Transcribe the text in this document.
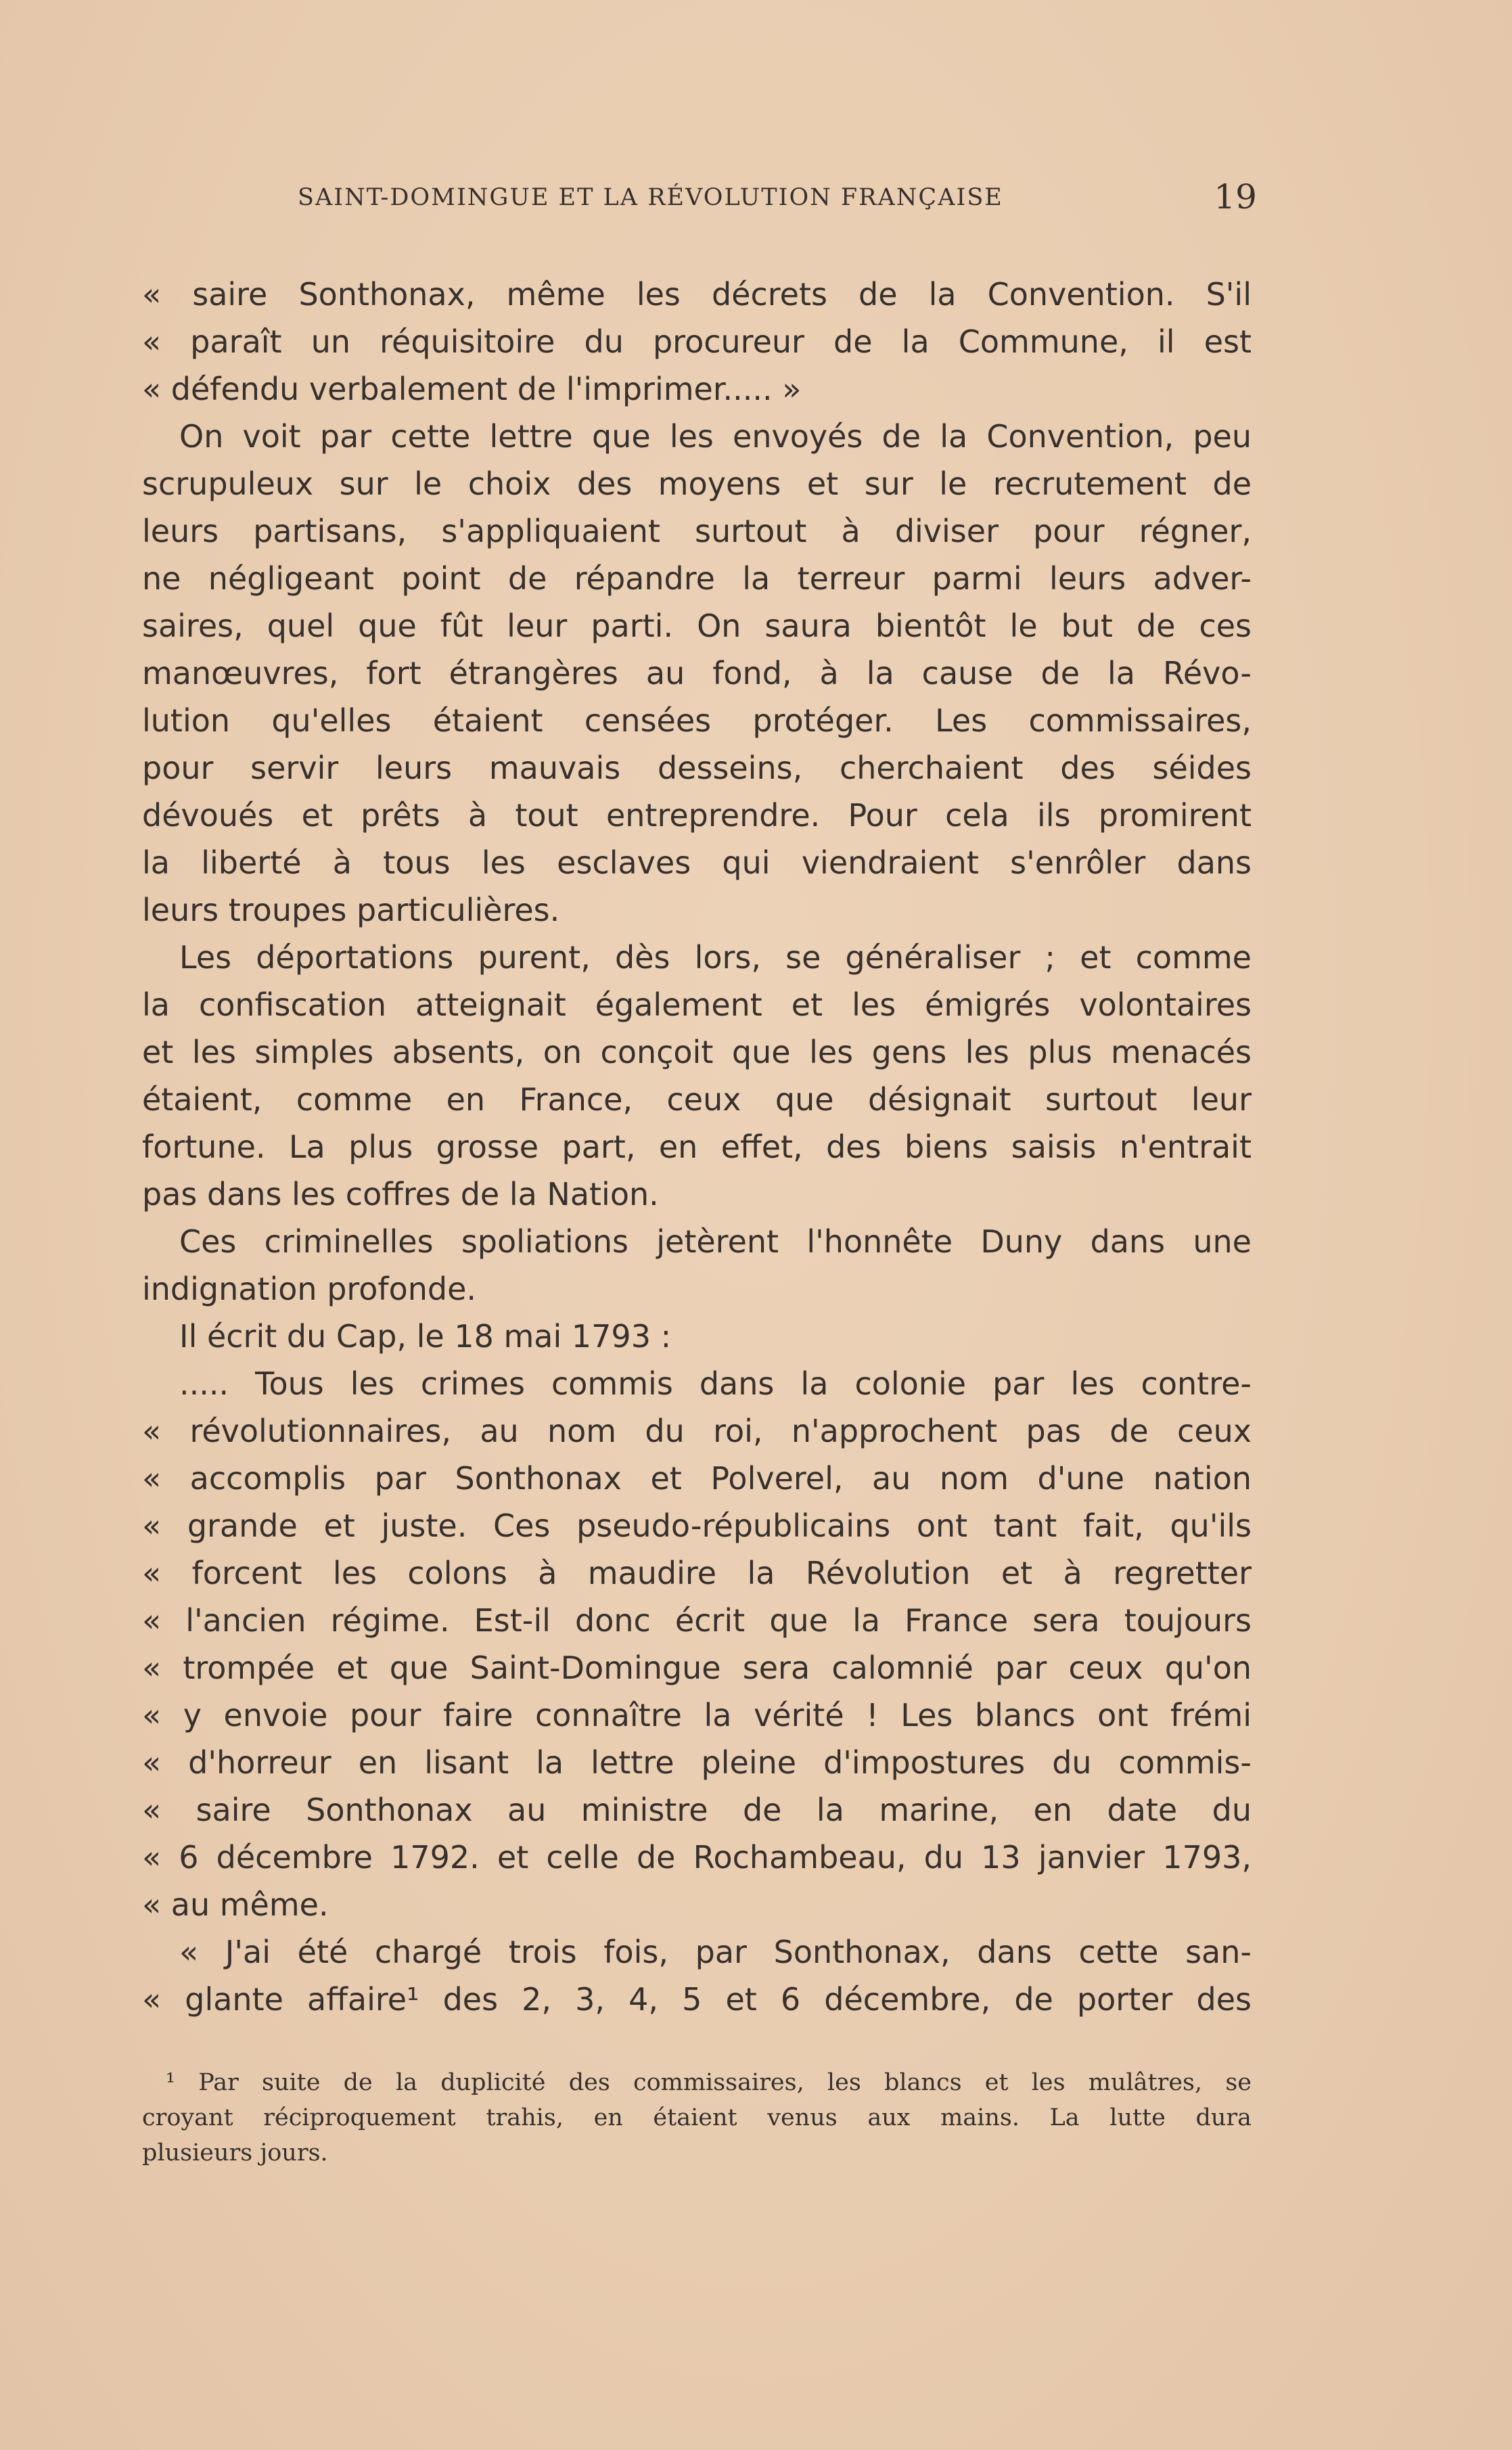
SAINT-DOMINGUE ET LA RÉVOLUTION FRANÇAISE	19
« saire Sonthonax, même les décrets de la Convention. S'il
« paraît un réquisitoire du procureur de la Commune, il est
« défendu verbalement de l'imprimer..... »
On voit par cette lettre que les envoyés de la Convention, peu
scrupuleux sur le choix des moyens et sur le recrutement de
leurs partisans, s'appliquaient surtout à diviser pour régner,
ne négligeant point de répandre la terreur parmi leurs adver-
saires, quel que fût leur parti. On saura bientôt le but de ces
manœuvres, fort étrangères au fond, à la cause de la Révo-
lution qu'elles étaient censées protéger. Les commissaires,
pour servir leurs mauvais desseins, cherchaient des séides
dévoués et prêts à tout entreprendre. Pour cela ils promirent
la liberté à tous les esclaves qui viendraient s'enrôler dans
leurs troupes particulières.
Les déportations purent, dès lors, se généraliser ; et comme
la confiscation atteignait également et les émigrés volontaires
et les simples absents, on conçoit que les gens les plus menacés
étaient, comme en France, ceux que désignait surtout leur
fortune. La plus grosse part, en effet, des biens saisis n'entrait
pas dans les coffres de la Nation.
Ces criminelles spoliations jetèrent l'honnête Duny dans une
indignation profonde.
Il écrit du Cap, le 18 mai 1793 :
..... Tous les crimes commis dans la colonie par les contre-
« révolutionnaires, au nom du roi, n'approchent pas de ceux
« accomplis par Sonthonax et Polverel, au nom d'une nation
« grande et juste. Ces pseudo-républicains ont tant fait, qu'ils
« forcent les colons à maudire la Révolution et à regretter
« l'ancien régime. Est-il donc écrit que la France sera toujours
« trompée et que Saint-Domingue sera calomnié par ceux qu'on
« y envoie pour faire connaître la vérité ! Les blancs ont frémi
« d'horreur en lisant la lettre pleine d'impostures du commis-
« saire Sonthonax au ministre de la marine, en date du
« 6 décembre 1792. et celle de Rochambeau, du 13 janvier 1793,
« au même.
« J'ai été chargé trois fois, par Sonthonax, dans cette san-
« glante affaire¹ des 2, 3, 4, 5 et 6 décembre, de porter des
¹ Par suite de la duplicité des commissaires, les blancs et les mulâtres, se
croyant réciproquement trahis, en étaient venus aux mains. La lutte dura
plusieurs jours.
